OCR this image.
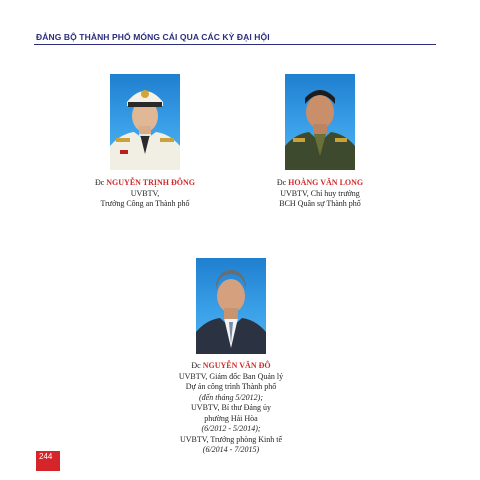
ĐẢNG BỘ THÀNH PHỐ MÓNG CÁI QUA CÁC KỲ ĐẠI HỘI
Đc NGUYỄN TRỊNH ĐÔNG
UVBTV,
Trưởng Công an Thành phố
Đc HOÀNG VĂN LONG
UVBTV, Chỉ huy trưởng
BCH Quân sự Thành phố
Đc NGUYỄN VĂN ĐÔ
UVBTV, Giám đốc Ban Quản lý
Dự án công trình Thành phố
(đến tháng 5/2012);
UVBTV, Bí thư Đảng ủy
phường Hải Hòa
(6/2012 - 5/2014);
UVBTV, Trưởng phòng Kinh tế
(6/2014 - 7/2015)
244
